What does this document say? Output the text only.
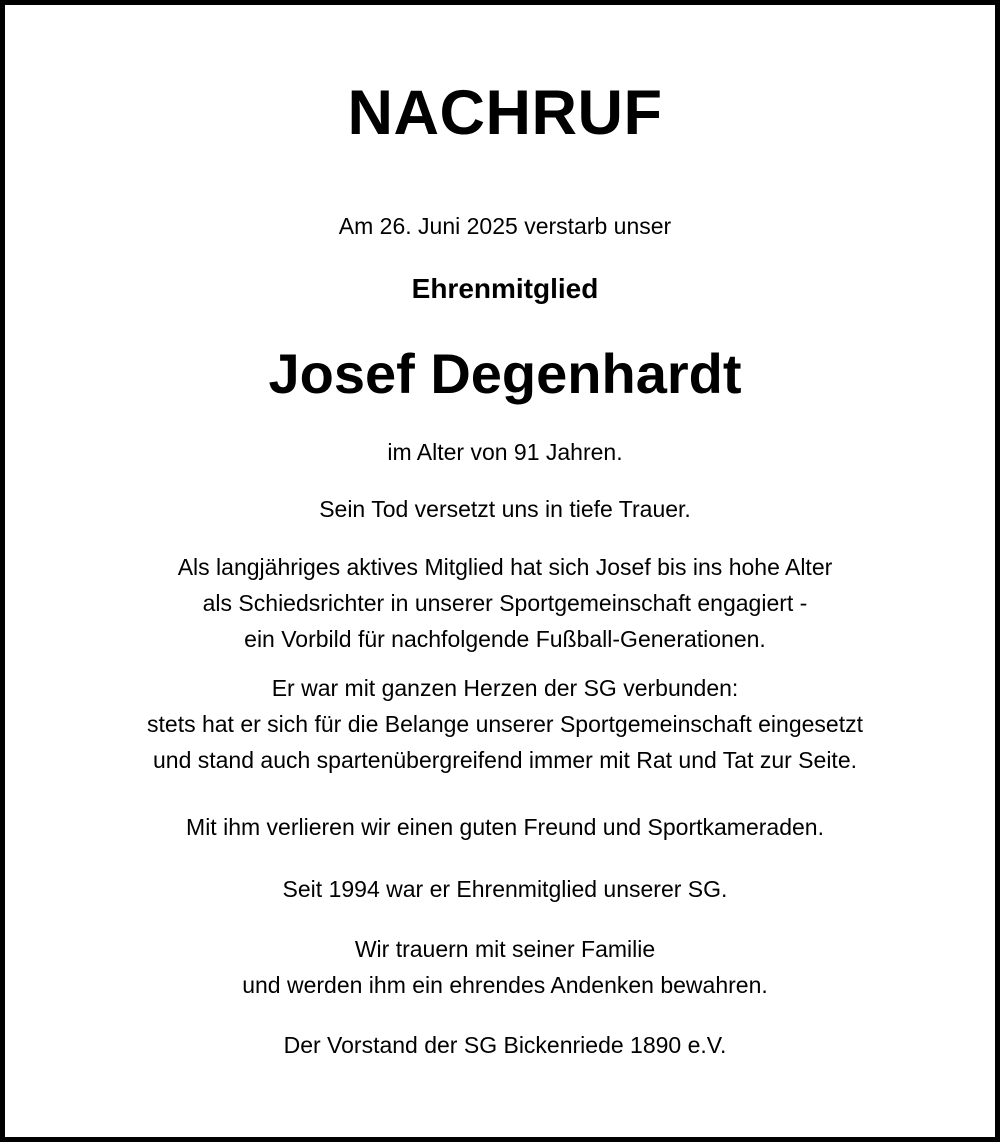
NACHRUF

Am 26. Juni 2025 verstarb unser

Ehrenmitglied

Josef Degenhardt

im Alter von 91 Jahren.

Sein Tod versetzt uns in tiefe Trauer.

Als langjähriges aktives Mitglied hat sich Josef bis ins hohe Alter
als Schiedsrichter in unserer Sportgemeinschaft engagiert -
ein Vorbild für nachfolgende Fußball-Generationen.
Er war mit ganzen Herzen der SG verbunden:
stets hat er sich für die Belange unserer Sportgemeinschaft eingesetzt
und stand auch spartenübergreifend immer mit Rat und Tat zur Seite.

Mit ihm verlieren wir einen guten Freund und Sportkameraden.

Seit 1994 war er Ehrenmitglied unserer SG.

Wir trauern mit seiner Familie
und werden ihm ein ehrendes Andenken bewahren.

Der Vorstand der SG Bickenriede 1890 e.V.
